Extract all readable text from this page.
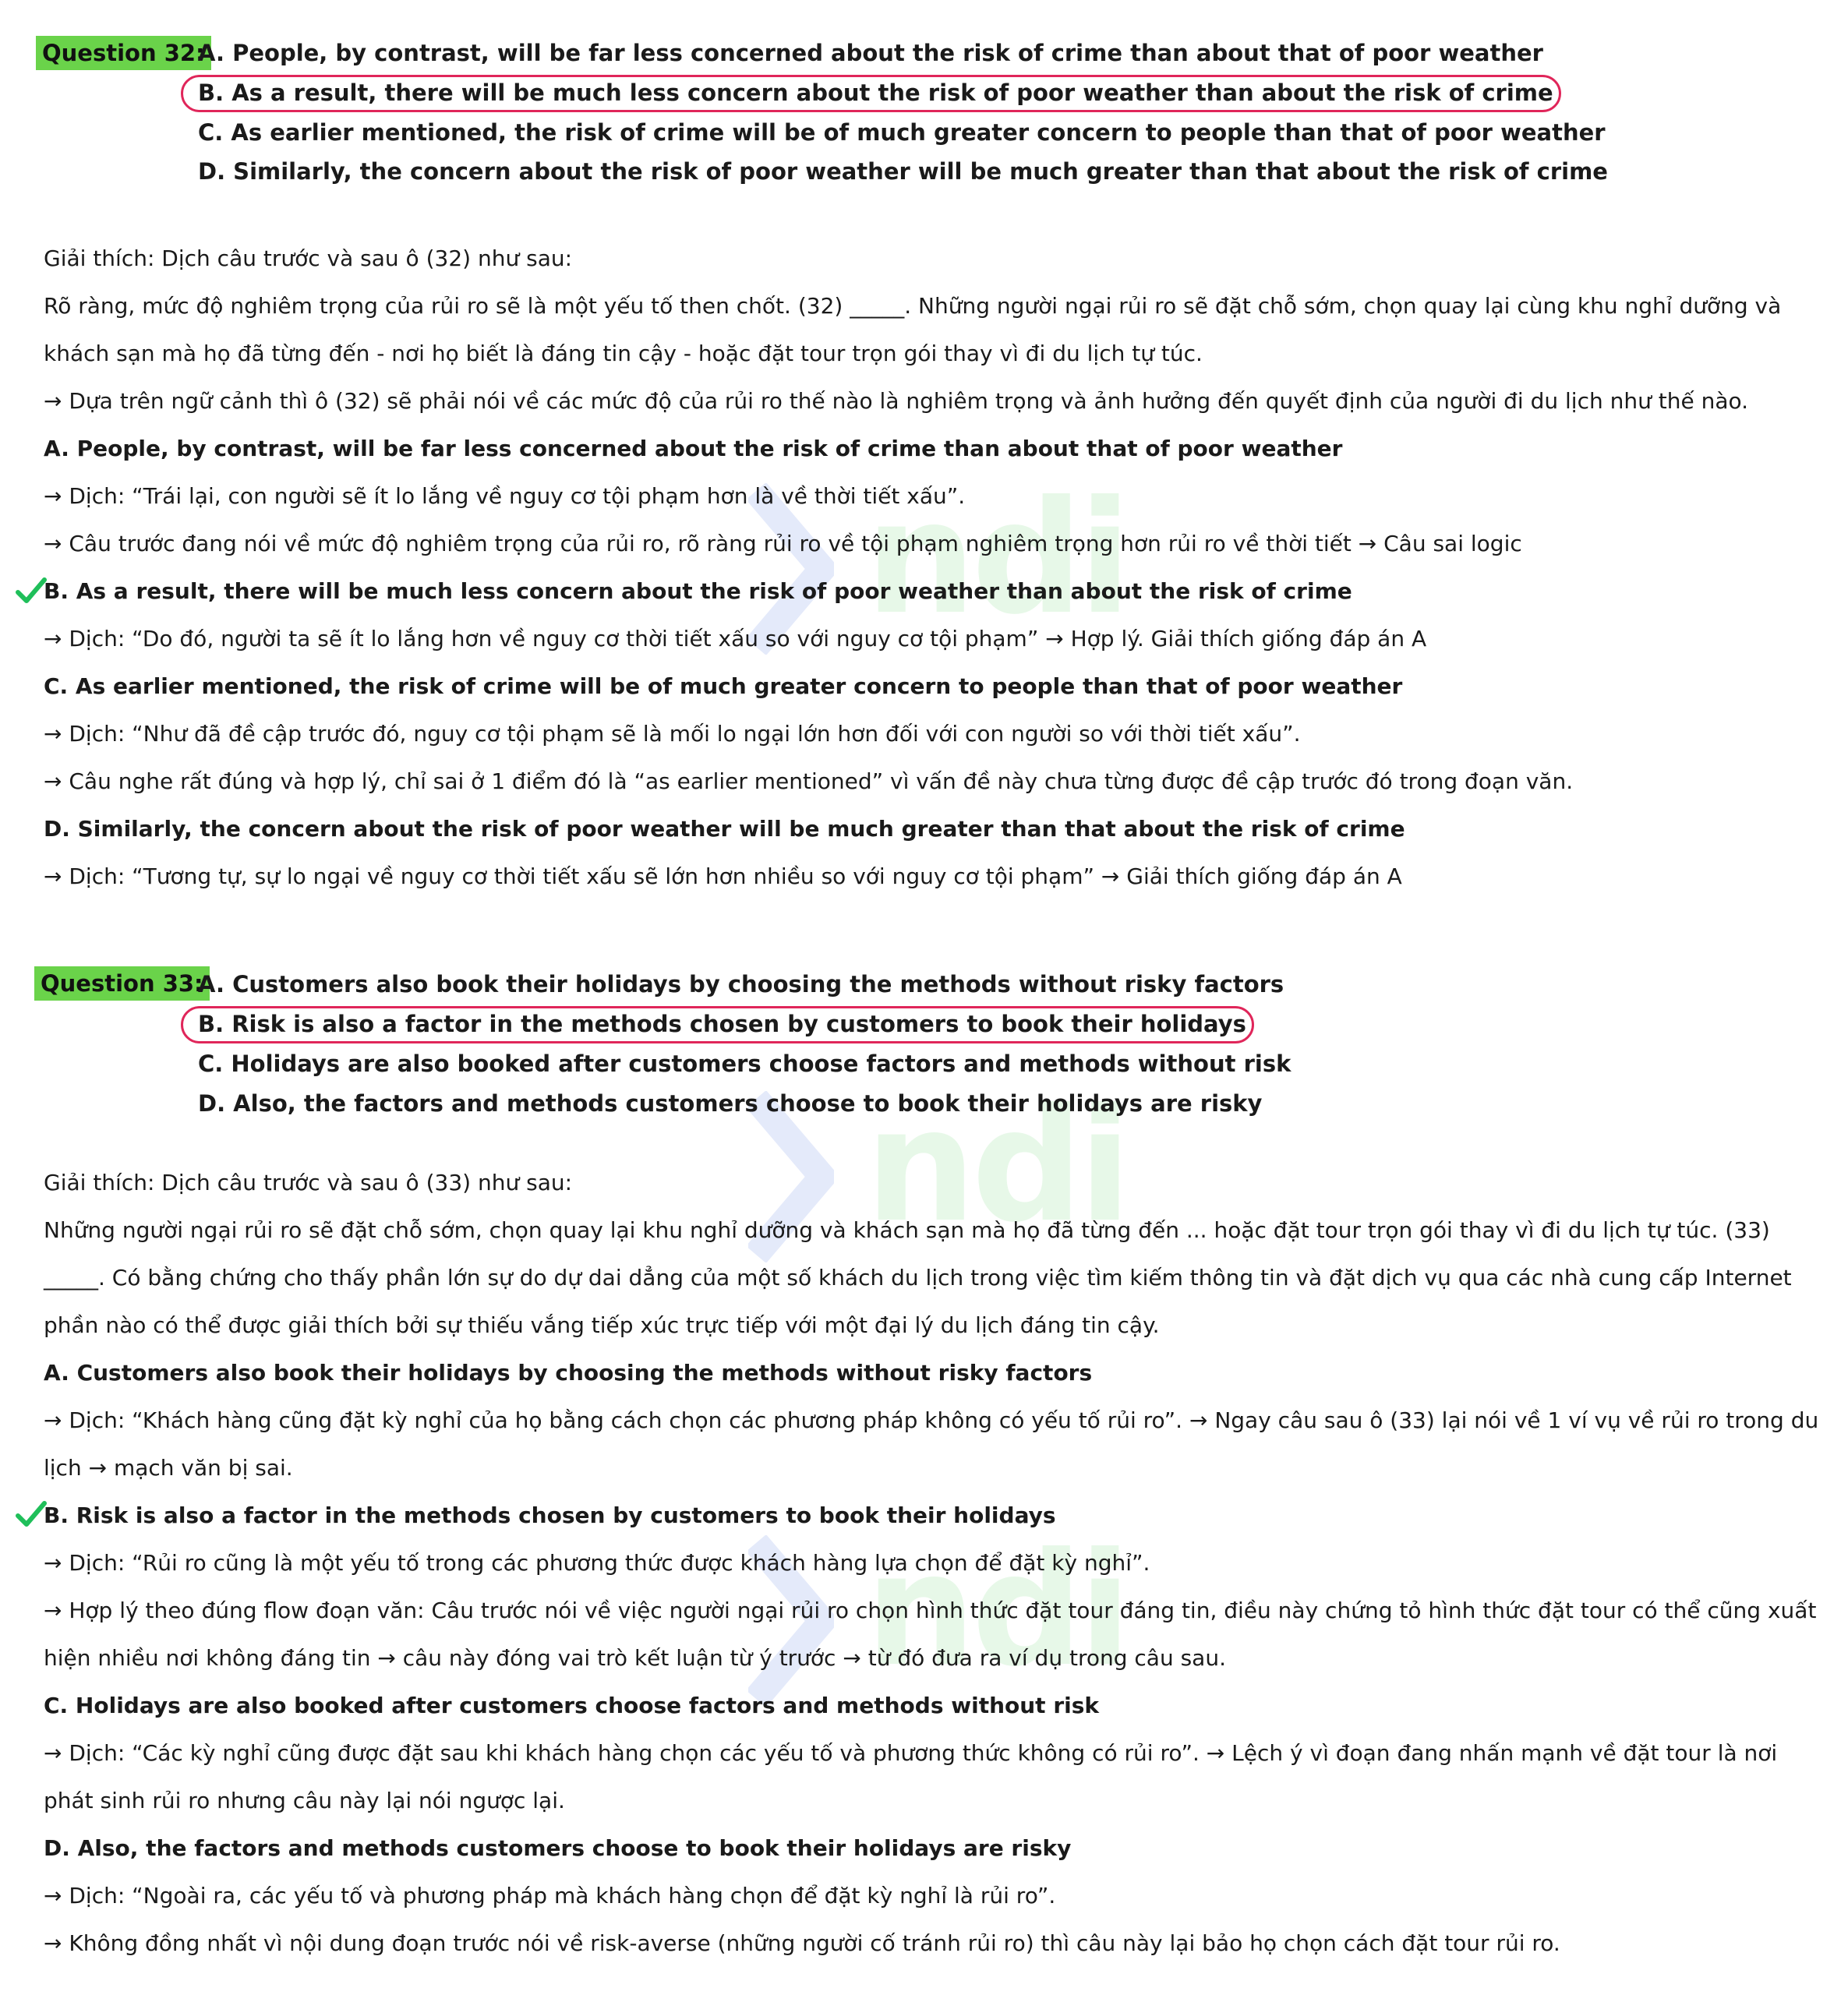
ndi
ndi
ndi
Question 32:
A. People, by contrast, will be far less concerned about the risk of crime than about that of poor weather
B. As a result, there will be much less concern about the risk of poor weather than about the risk of crime
C. As earlier mentioned, the risk of crime will be of much greater concern to people than that of poor weather
D. Similarly, the concern about the risk of poor weather will be much greater than that about the risk of crime
Giải thích: Dịch câu trước và sau ô (32) như sau:
Rõ ràng, mức độ nghiêm trọng của rủi ro sẽ là một yếu tố then chốt. (32) _____. Những người ngại rủi ro sẽ đặt chỗ sớm, chọn quay lại cùng khu nghỉ dưỡng và
khách sạn mà họ đã từng đến - nơi họ biết là đáng tin cậy - hoặc đặt tour trọn gói thay vì đi du lịch tự túc.
→ Dựa trên ngữ cảnh thì ô (32) sẽ phải nói về các mức độ của rủi ro thế nào là nghiêm trọng và ảnh hưởng đến quyết định của người đi du lịch như thế nào.
A. People, by contrast, will be far less concerned about the risk of crime than about that of poor weather
→ Dịch: “Trái lại, con người sẽ ít lo lắng về nguy cơ tội phạm hơn là về thời tiết xấu”.
→ Câu trước đang nói về mức độ nghiêm trọng của rủi ro, rõ ràng rủi ro về tội phạm nghiêm trọng hơn rủi ro về thời tiết → Câu sai logic
B. As a result, there will be much less concern about the risk of poor weather than about the risk of crime
→ Dịch: “Do đó, người ta sẽ ít lo lắng hơn về nguy cơ thời tiết xấu so với nguy cơ tội phạm” → Hợp lý. Giải thích giống đáp án A
C. As earlier mentioned, the risk of crime will be of much greater concern to people than that of poor weather
→ Dịch: “Như đã đề cập trước đó, nguy cơ tội phạm sẽ là mối lo ngại lớn hơn đối với con người so với thời tiết xấu”.
→ Câu nghe rất đúng và hợp lý, chỉ sai ở 1 điểm đó là “as earlier mentioned” vì vấn đề này chưa từng được đề cập trước đó trong đoạn văn.
D. Similarly, the concern about the risk of poor weather will be much greater than that about the risk of crime
→ Dịch: “Tương tự, sự lo ngại về nguy cơ thời tiết xấu sẽ lớn hơn nhiều so với nguy cơ tội phạm” → Giải thích giống đáp án A
Question 33:
A. Customers also book their holidays by choosing the methods without risky factors
B. Risk is also a factor in the methods chosen by customers to book their holidays
C. Holidays are also booked after customers choose factors and methods without risk
D. Also, the factors and methods customers choose to book their holidays are risky
Giải thích: Dịch câu trước và sau ô (33) như sau:
Những người ngại rủi ro sẽ đặt chỗ sớm, chọn quay lại khu nghỉ dưỡng và khách sạn mà họ đã từng đến ... hoặc đặt tour trọn gói thay vì đi du lịch tự túc. (33)
_____. Có bằng chứng cho thấy phần lớn sự do dự dai dẳng của một số khách du lịch trong việc tìm kiếm thông tin và đặt dịch vụ qua các nhà cung cấp Internet
phần nào có thể được giải thích bởi sự thiếu vắng tiếp xúc trực tiếp với một đại lý du lịch đáng tin cậy.
A. Customers also book their holidays by choosing the methods without risky factors
→ Dịch: “Khách hàng cũng đặt kỳ nghỉ của họ bằng cách chọn các phương pháp không có yếu tố rủi ro”. → Ngay câu sau ô (33) lại nói về 1 ví vụ về rủi ro trong du
lịch → mạch văn bị sai.
B. Risk is also a factor in the methods chosen by customers to book their holidays
→ Dịch: “Rủi ro cũng là một yếu tố trong các phương thức được khách hàng lựa chọn để đặt kỳ nghỉ”.
→ Hợp lý theo đúng flow đoạn văn: Câu trước nói về việc người ngại rủi ro chọn hình thức đặt tour đáng tin, điều này chứng tỏ hình thức đặt tour có thể cũng xuất
hiện nhiều nơi không đáng tin → câu này đóng vai trò kết luận từ ý trước → từ đó đưa ra ví dụ trong câu sau.
C. Holidays are also booked after customers choose factors and methods without risk
→ Dịch: “Các kỳ nghỉ cũng được đặt sau khi khách hàng chọn các yếu tố và phương thức không có rủi ro”. → Lệch ý vì đoạn đang nhấn mạnh về đặt tour là nơi
phát sinh rủi ro nhưng câu này lại nói ngược lại.
D. Also, the factors and methods customers choose to book their holidays are risky
→ Dịch: “Ngoài ra, các yếu tố và phương pháp mà khách hàng chọn để đặt kỳ nghỉ là rủi ro”.
→ Không đồng nhất vì nội dung đoạn trước nói về risk-averse (những người cố tránh rủi ro) thì câu này lại bảo họ chọn cách đặt tour rủi ro.
